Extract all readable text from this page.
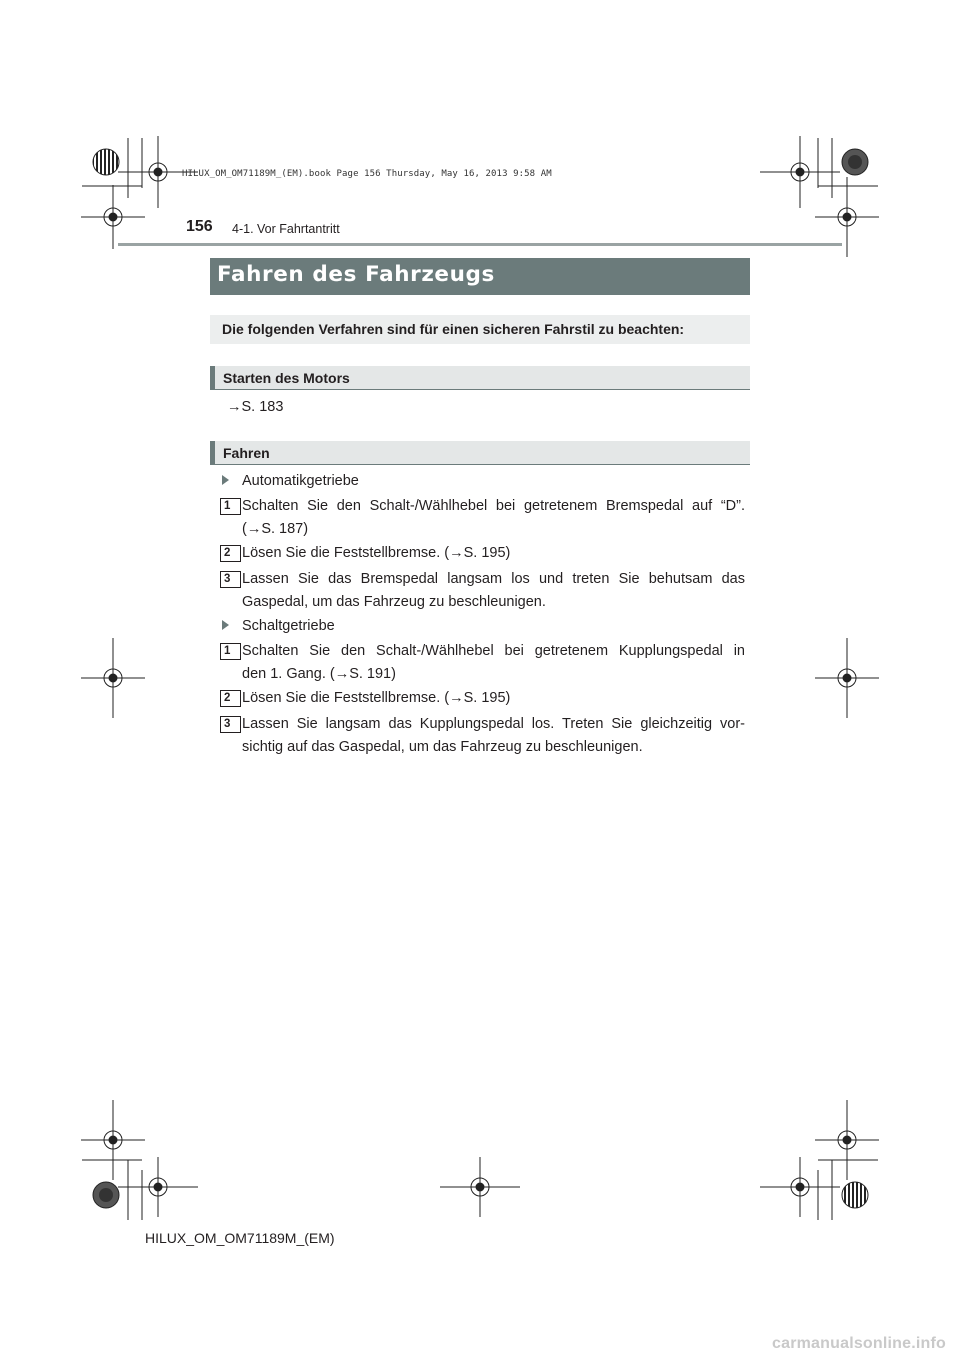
HILUX_OM_OM71189M_(EM).book Page 156 Thursday, May 16, 2013 9:58 AM
156 4-1. Vor Fahrtantritt
Fahren des Fahrzeugs
Die folgenden Verfahren sind für einen sicheren Fahrstil zu beachten:
Starten des Motors
→S. 183
Fahren
Automatikgetriebe
1 Schalten Sie den Schalt-/Wählhebel bei getretenem Bremspedal auf “D”.
(→S. 187)
2 Lösen Sie die Feststellbremse. (→S. 195)
3 Lassen Sie das Bremspedal langsam los und treten Sie behutsam das
Gaspedal, um das Fahrzeug zu beschleunigen.
Schaltgetriebe
1 Schalten Sie den Schalt-/Wählhebel bei getretenem Kupplungspedal in
den 1. Gang. (→S. 191)
2 Lösen Sie die Feststellbremse. (→S. 195)
3 Lassen Sie langsam das Kupplungspedal los. Treten Sie gleichzeitig vor-
sichtig auf das Gaspedal, um das Fahrzeug zu beschleunigen.
HILUX_OM_OM71189M_(EM)
carmanualsonline.info
